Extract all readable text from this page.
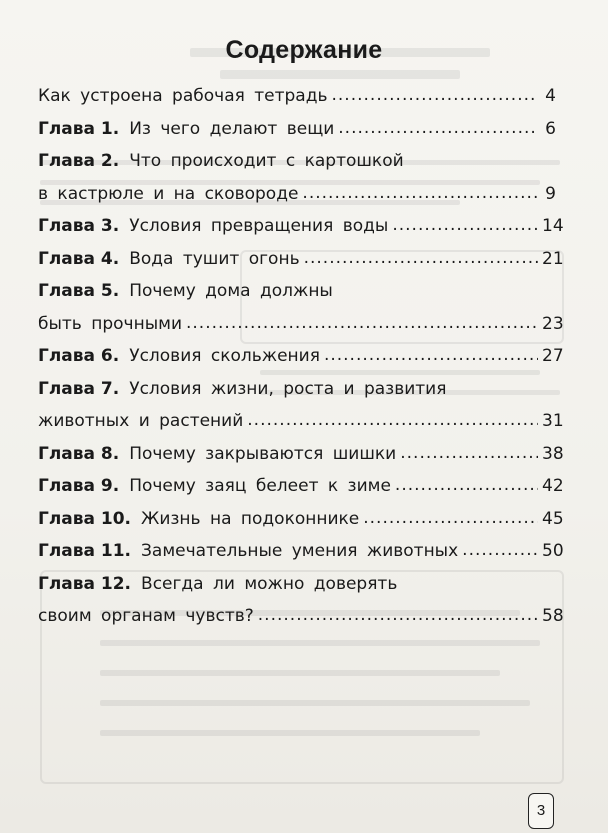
Содержание
Как устроена рабочая тетрадь .....	4
Глава 1. Из чего делают вещи .....	6
Глава 2. Что происходит с картошкой
в кастрюле и на сковороде .....	9
Глава 3. Условия превращения воды .....	14
Глава 4. Вода тушит огонь .....	21
Глава 5. Почему дома должны
быть прочными .....	23
Глава 6. Условия скольжения .....	27
Глава 7. Условия жизни, роста и развития
животных и растений .....	31
Глава 8. Почему закрываются шишки .....	38
Глава 9. Почему заяц белеет к зиме .....	42
Глава 10. Жизнь на подоконнике .....	45
Глава 11. Замечательные умения животных .....	50
Глава 12. Всегда ли можно доверять
своим органам чувств? .....	58
3
